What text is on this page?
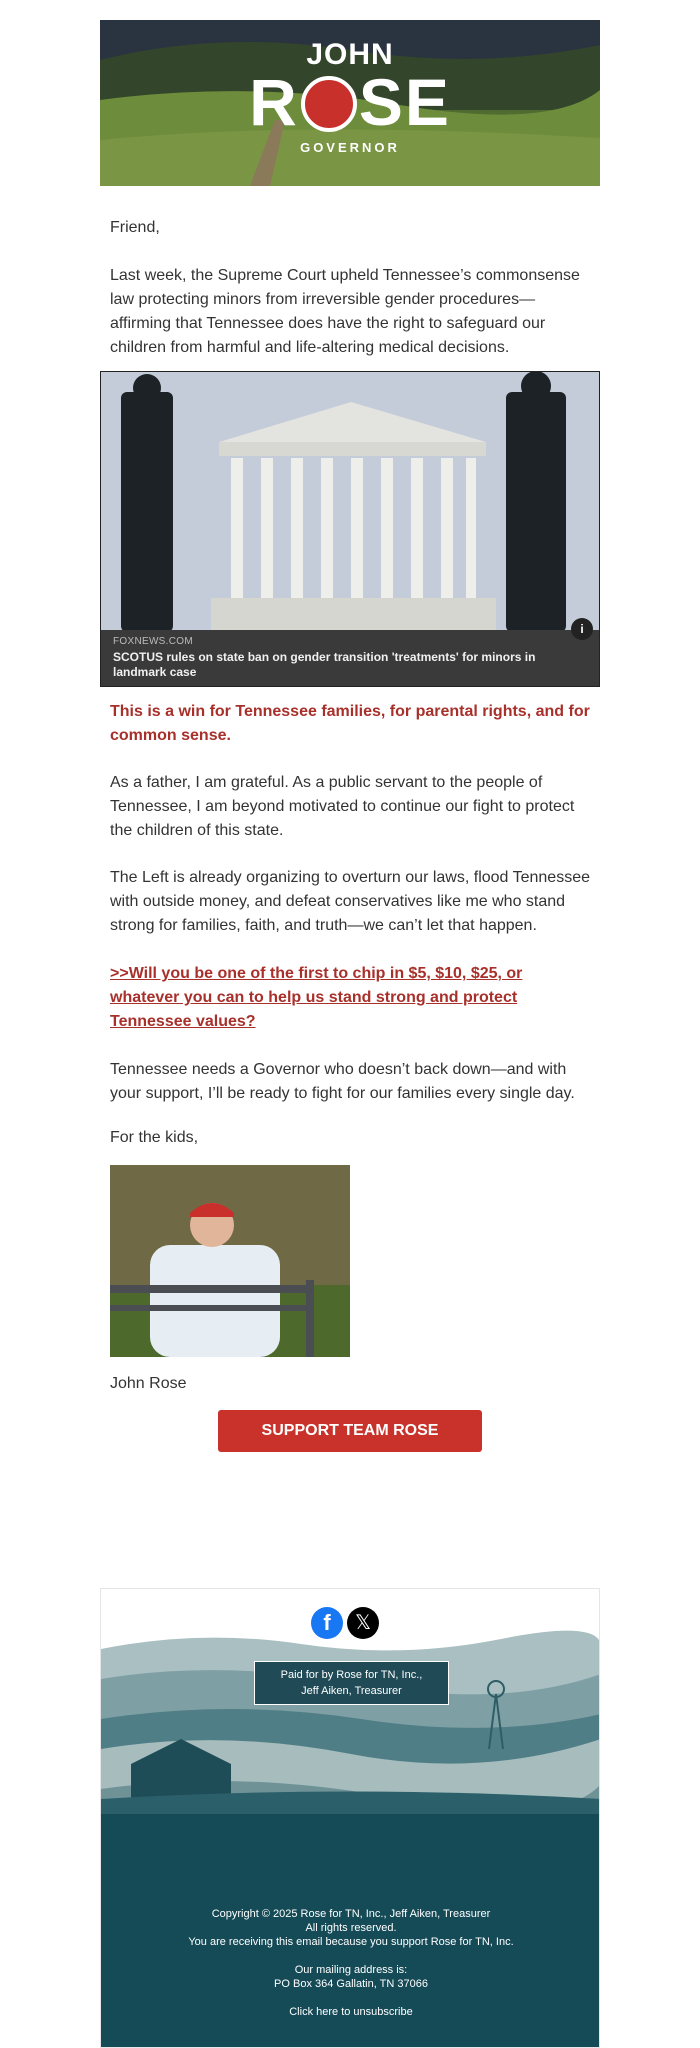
JOHN
R SE
GOVERNOR
Friend,
Last week, the Supreme Court upheld Tennessee’s commonsense law protecting minors from irreversible gender procedures—affirming that Tennessee does have the right to safeguard our children from harmful and life-altering medical decisions.
i
FOXNEWS.COM
SCOTUS rules on state ban on gender transition 'treatments' for minors in landmark case
This is a win for Tennessee families, for parental rights, and for common sense.
As a father, I am grateful. As a public servant to the people of Tennessee, I am beyond motivated to continue our fight to protect the children of this state.
The Left is already organizing to overturn our laws, flood Tennessee with outside money, and defeat conservatives like me who stand strong for families, faith, and truth—we can’t let that happen.
>>Will you be one of the first to chip in $5, $10, $25, or whatever you can to help us stand strong and protect Tennessee values?
Tennessee needs a Governor who doesn’t back down—and with your support, I’ll be ready to fight for our families every single day.
For the kids,
John Rose
SUPPORT TEAM ROSE
f	𝕏
Paid for by Rose for TN, Inc.,
Jeff Aiken, Treasurer
Copyright © 2025 Rose for TN, Inc., Jeff Aiken, Treasurer
All rights reserved.
You are receiving this email because you support Rose for TN, Inc.
Our mailing address is:
PO Box 364 Gallatin, TN 37066
Click here to unsubscribe
